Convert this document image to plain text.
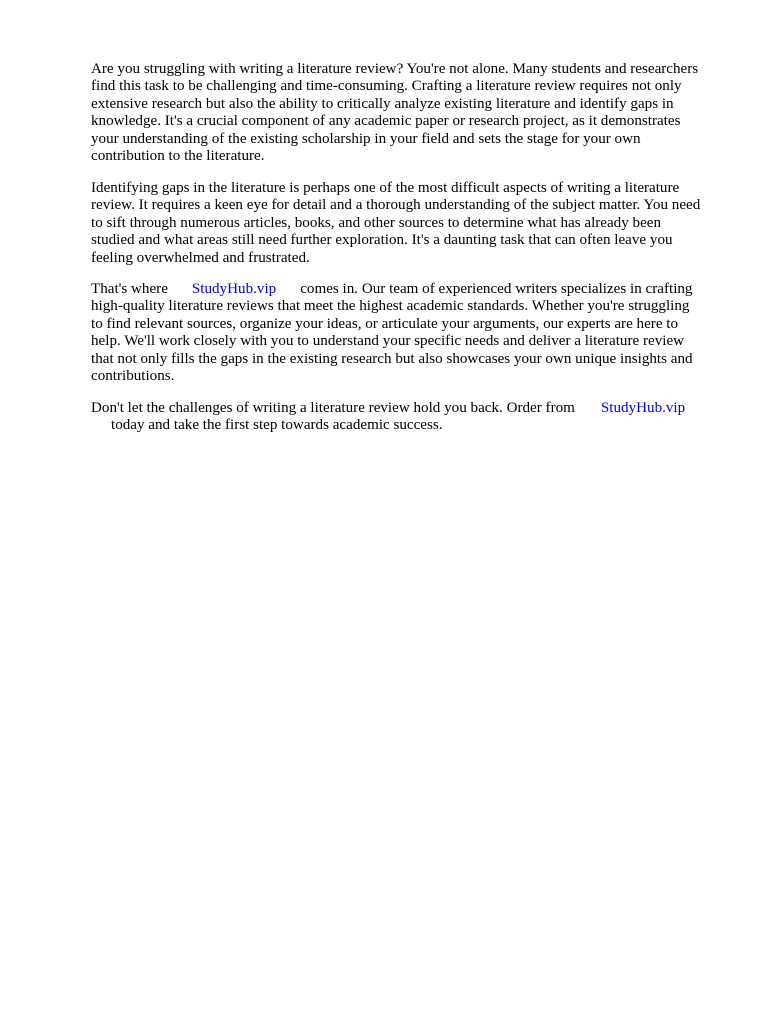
Are you struggling with writing a literature review? You're not alone. Many students and researchers
find this task to be challenging and time-consuming. Crafting a literature review requires not only
extensive research but also the ability to critically analyze existing literature and identify gaps in
knowledge. It's a crucial component of any academic paper or research project, as it demonstrates
your understanding of the existing scholarship in your field and sets the stage for your own
contribution to the literature.
Identifying gaps in the literature is perhaps one of the most difficult aspects of writing a literature
review. It requires a keen eye for detail and a thorough understanding of the subject matter. You need
to sift through numerous articles, books, and other sources to determine what has already been
studied and what areas still need further exploration. It's a daunting task that can often leave you
feeling overwhelmed and frustrated.
That's where StudyHub.vip comes in. Our team of experienced writers specializes in crafting
high-quality literature reviews that meet the highest academic standards. Whether you're struggling
to find relevant sources, organize your ideas, or articulate your arguments, our experts are here to
help. We'll work closely with you to understand your specific needs and deliver a literature review
that not only fills the gaps in the existing research but also showcases your own unique insights and
contributions.
Don't let the challenges of writing a literature review hold you back. Order from StudyHub.vip
today and take the first step towards academic success.
